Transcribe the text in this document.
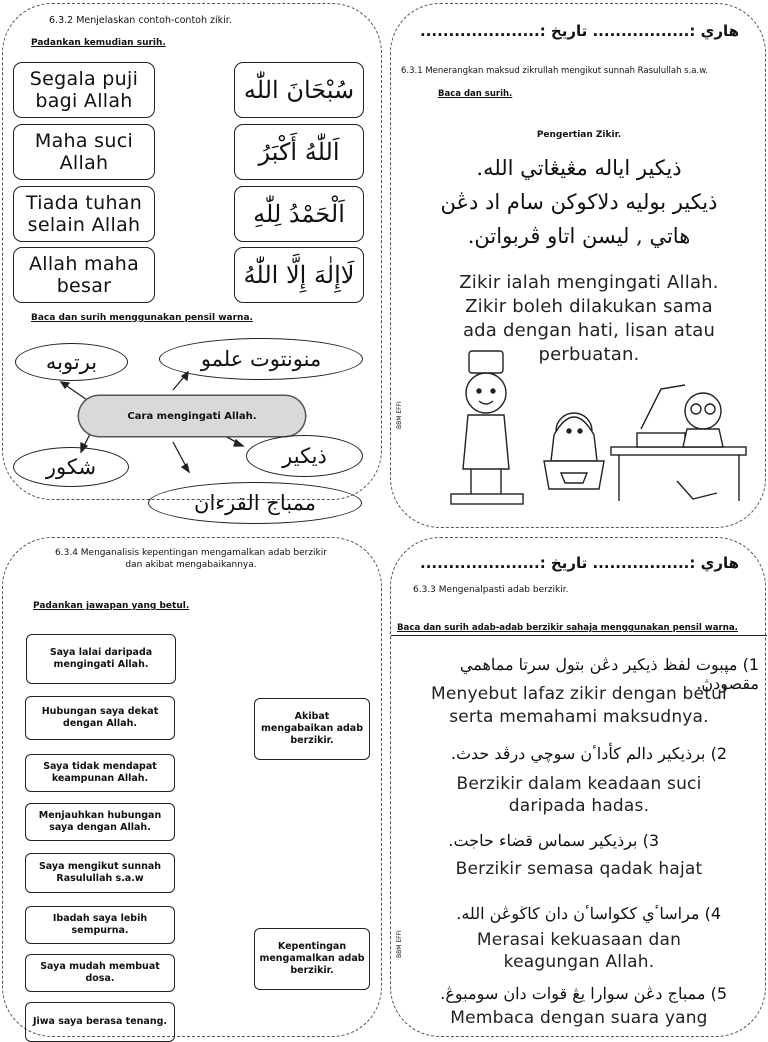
6.3.2 Menjelaskan contoh-contoh zikir.
Padankan kemudian surih.
Segala puji bagi Allah
Maha suci Allah
Tiada tuhan selain Allah
Allah maha besar
سُبْحَانَ اللّٰه
اَللّٰهُ أَكْبَرُ
اَلْحَمْدُ لِلّٰهِ
لَاإِلٰهَ إِلَّا اللّٰهُ
Baca dan surih menggunakan pensil warna.
برتوبه	منونتوت علمو
Cara mengingati Allah.
شکور	ذيکير
ممباج القرءان
هاري :................. تاريخ :.....................
6.3.1 Menerangkan maksud zikrullah mengikut sunnah Rasulullah s.a.w.
Baca dan surih.
Pengertian Zikir.
ذيکير اياله مڠيڠاتي الله.
ذيکير بوليه دلاکوکن سام اد دڠن
هاتي , ليسن اتاو ڤربواتن.
Zikir ialah mengingati Allah.
Zikir boleh dilakukan sama
ada dengan hati, lisan atau
perbuatan.
BBM EFFI
6.3.4 Menganalisis kepentingan mengamalkan adab berzikir
dan akibat mengabaikannya.
Padankan jawapan yang betul.
Saya lalai daripada mengingati Allah.
Hubungan saya dekat dengan Allah.
Saya tidak mendapat keampunan Allah.
Menjauhkan hubungan saya dengan Allah.
Saya mengikut sunnah Rasulullah s.a.w
Ibadah saya lebih sempurna.
Saya mudah membuat dosa.
Jiwa saya berasa tenang.
Akibat mengabaikan adab berzikir.
Kepentingan mengamalkan adab berzikir.
هاري :................. تاريخ :.....................
6.3.3 Mengenalpasti adab berzikir.
Baca dan surih adab-adab berzikir sahaja menggunakan pensil warna.
1) مڽبوت لفظ ذيکير دڠن بتول سرتا مماهمي مقصودڽ.
Menyebut lafaz zikir dengan betul
serta memahami maksudnya.
2) برذيکير دالم کأداٴن سوچي درڤد حدث.
Berzikir dalam keadaan suci
daripada hadas.
3) برذيکير سماس قضاء حاجت.
Berzikir semasa qadak hajat
4) مراساٴي ککواساٴن دان کاڬوڠن الله.
Merasai kekuasaan dan
keagungan Allah.
5) ممباج دڠن سوارا يڠ قوات دان سومبوڠ.
Membaca dengan suara yang
BBM EFFI
